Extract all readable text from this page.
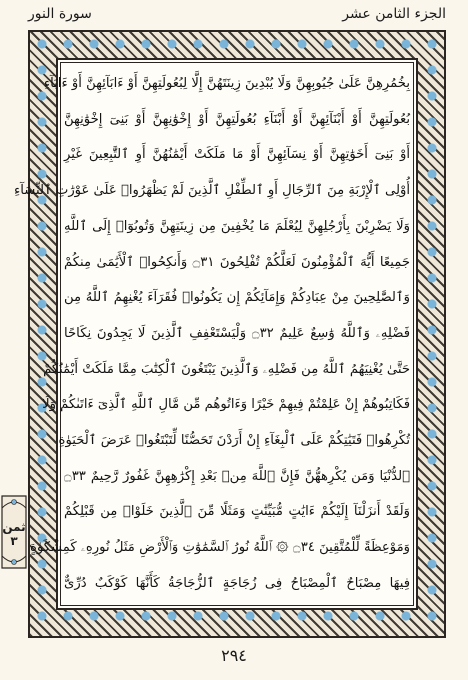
الجزء الثامن عشر
سورة النور
بِخُمُرِهِنَّ عَلَىٰ جُيُوبِهِنَّ وَلَا يُبْدِينَ زِينَتَهُنَّ إِلَّا لِبُعُولَتِهِنَّ أَوْ ءَابَآئِهِنَّ أَوْ ءَابَآءِ
بُعُولَتِهِنَّ أَوْ أَبْنَآئِهِنَّ أَوْ أَبْنَآءِ بُعُولَتِهِنَّ أَوْ إِخْوَٰنِهِنَّ أَوْ بَنِىٓ إِخْوَٰنِهِنَّ
أَوْ بَنِىٓ أَخَوَٰتِهِنَّ أَوْ نِسَآئِهِنَّ أَوْ مَا مَلَكَتْ أَيْمَٰنُهُنَّ أَوِ ٱلتَّٰبِعِينَ غَيْرِ
أُوْلِى ٱلْإِرْبَةِ مِنَ ٱلرِّجَالِ أَوِ ٱلطِّفْلِ ٱلَّذِينَ لَمْ يَظْهَرُوا۟ عَلَىٰ عَوْرَٰتِ ٱلنِّسَآءِ
وَلَا يَضْرِبْنَ بِأَرْجُلِهِنَّ لِيُعْلَمَ مَا يُخْفِينَ مِن زِينَتِهِنَّ وَتُوبُوٓا۟ إِلَى ٱللَّهِ
جَمِيعًا أَيُّهَ ٱلْمُؤْمِنُونَ لَعَلَّكُمْ تُفْلِحُونَ ۝٣١ وَأَنكِحُوا۟ ٱلْأَيَٰمَىٰ مِنكُمْ
وَٱلصَّٰلِحِينَ مِنْ عِبَادِكُمْ وَإِمَآئِكُمْ إِن يَكُونُوا۟ فُقَرَآءَ يُغْنِهِمُ ٱللَّهُ مِن
فَضْلِهِۦ وَٱللَّهُ وَٰسِعٌ عَلِيمٌ ۝٣٢ وَلْيَسْتَعْفِفِ ٱلَّذِينَ لَا يَجِدُونَ نِكَاحًا
حَتَّىٰ يُغْنِيَهُمُ ٱللَّهُ مِن فَضْلِهِۦ وَٱلَّذِينَ يَبْتَغُونَ ٱلْكِتَٰبَ مِمَّا مَلَكَتْ أَيْمَٰنُكُمْ
فَكَاتِبُوهُمْ إِنْ عَلِمْتُمْ فِيهِمْ خَيْرًا وَءَاتُوهُم مِّن مَّالِ ٱللَّهِ ٱلَّذِىٓ ءَاتَىٰكُمْ وَلَا
تُكْرِهُوا۟ فَتَيَٰتِكُمْ عَلَى ٱلْبِغَآءِ إِنْ أَرَدْنَ تَحَصُّنًا لِّتَبْتَغُوا۟ عَرَضَ ٱلْحَيَوٰةِ
ٱلدُّنْيَا وَمَن يُكْرِههُّنَّ فَإِنَّ ٱللَّهَ مِنۢ بَعْدِ إِكْرَٰهِهِنَّ غَفُورٌ رَّحِيمٌ ۝٣٣
وَلَقَدْ أَنزَلْنَآ إِلَيْكُمْ ءَايَٰتٍ مُّبَيِّنَٰتٍ وَمَثَلًا مِّنَ ٱلَّذِينَ خَلَوْا۟ مِن قَبْلِكُمْ
وَمَوْعِظَةً لِّلْمُتَّقِينَ ۝٣٤ ۞ ٱللَّهُ نُورُ ٱلسَّمَٰوَٰتِ وَٱلْأَرْضِ مَثَلُ نُورِهِۦ كَمِشْكَوٰةٍ
فِيهَا مِصْبَاحٌ ٱلْمِصْبَاحُ فِى زُجَاجَةٍ ٱلزُّجَاجَةُ كَأَنَّهَا كَوْكَبٌ دُرِّىٌّ
ثمن
٣
٢٩٤
